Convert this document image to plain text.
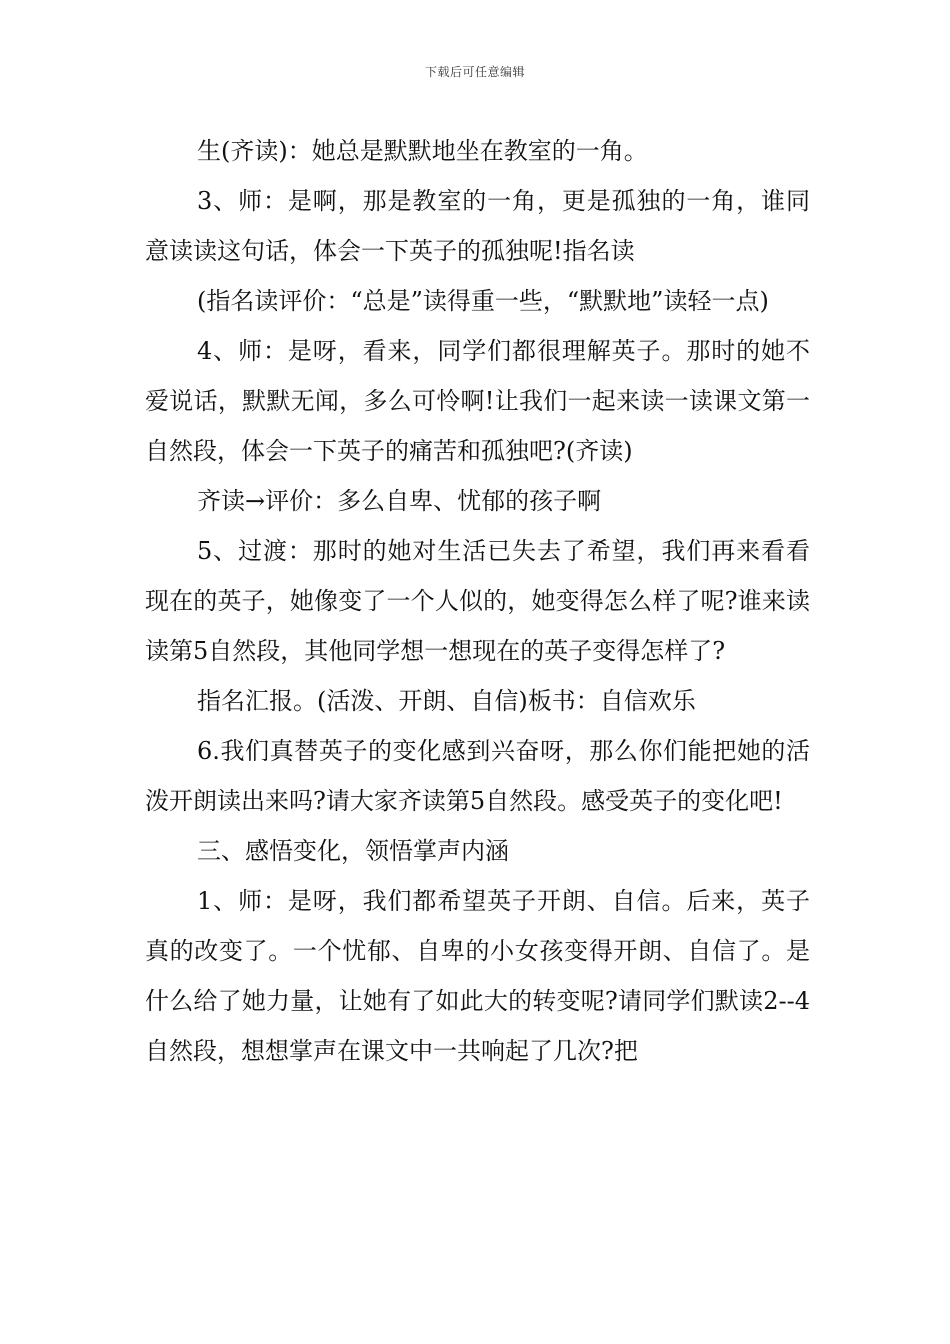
下载后可任意编辑

生(齐读)：她总是默默地坐在教室的一角。

3、师：是啊，那是教室的一角，更是孤独的一角，谁同意读读这句话，体会一下英子的孤独呢!指名读

(指名读评价：“总是”读得重一些，“默默地”读轻一点)

4、师：是呀，看来，同学们都很理解英子。那时的她不爱说话，默默无闻，多么可怜啊!让我们一起来读一读课文第一自然段，体会一下英子的痛苦和孤独吧?(齐读)

齐读→评价：多么自卑、忧郁的孩子啊

5、过渡：那时的她对生活已失去了希望，我们再来看看现在的英子，她像变了一个人似的，她变得怎么样了呢?谁来读读第5自然段，其他同学想一想现在的英子变得怎样了?

指名汇报。(活泼、开朗、自信)板书：自信欢乐

6.我们真替英子的变化感到兴奋呀，那么你们能把她的活泼开朗读出来吗?请大家齐读第5自然段。感受英子的变化吧!

三、感悟变化，领悟掌声内涵

1、师：是呀，我们都希望英子开朗、自信。后来，英子真的改变了。一个忧郁、自卑的小女孩变得开朗、自信了。是什么给了她力量，让她有了如此大的转变呢?请同学们默读2--4自然段，想想掌声在课文中一共响起了几次?把
